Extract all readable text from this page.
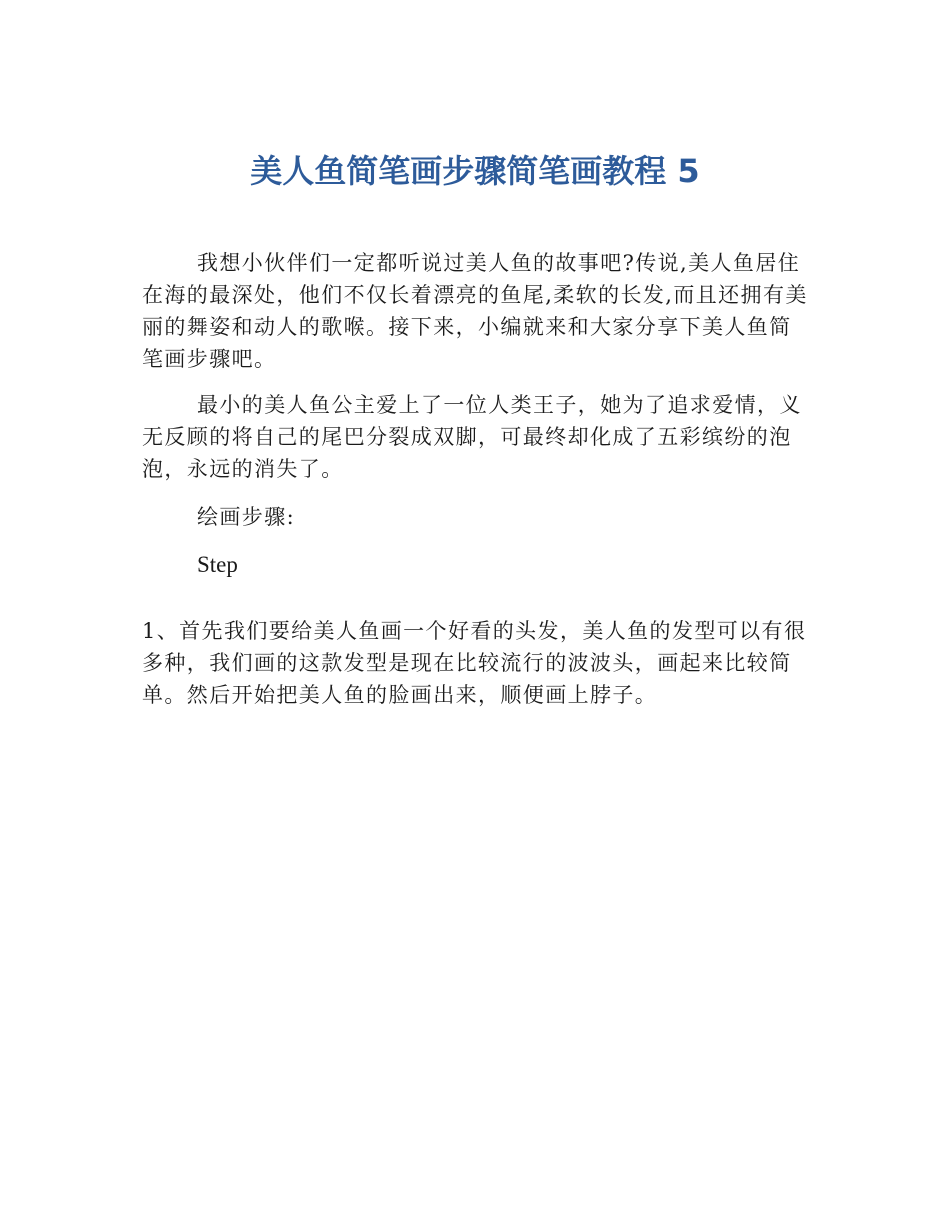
美人鱼简笔画步骤简笔画教程 5

我想小伙伴们一定都听说过美人鱼的故事吧?传说,美人鱼居住在海的最深处，他们不仅长着漂亮的鱼尾,柔软的长发,而且还拥有美丽的舞姿和动人的歌喉。接下来，小编就来和大家分享下美人鱼简笔画步骤吧。

最小的美人鱼公主爱上了一位人类王子，她为了追求爱情，义无反顾的将自己的尾巴分裂成双脚，可最终却化成了五彩缤纷的泡泡，永远的消失了。

绘画步骤:

Step

1、首先我们要给美人鱼画一个好看的头发，美人鱼的发型可以有很多种，我们画的这款发型是现在比较流行的波波头，画起来比较简单。然后开始把美人鱼的脸画出来，顺便画上脖子。
